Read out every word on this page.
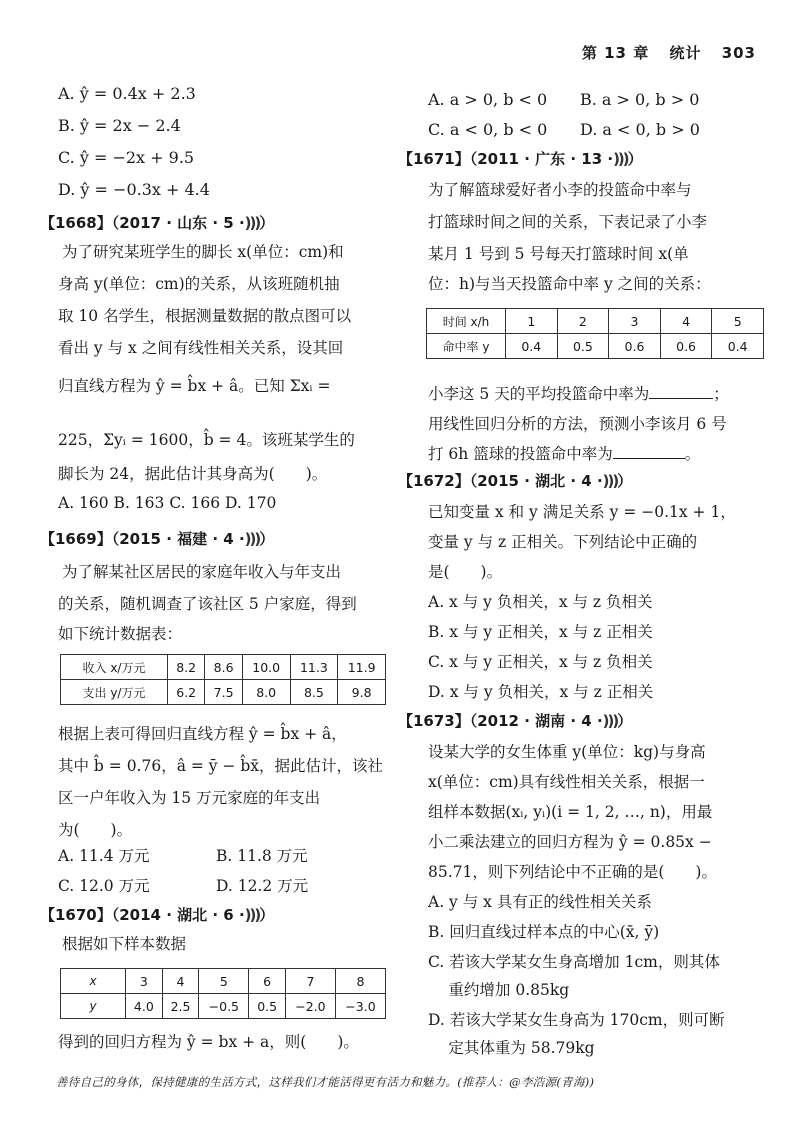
第 13 章 统计 303
A. ŷ = 0.4x + 2.3
B. ŷ = 2x − 2.4
C. ŷ = −2x + 9.5
D. ŷ = −0.3x + 4.4
【1668】（2017 · 山东 · 5 ·)))）
为了研究某班学生的脚长 x(单位：cm)和
身高 y(单位：cm)的关系，从该班随机抽
取 10 名学生，根据测量数据的散点图可以
看出 y 与 x 之间有线性相关关系，设其回
归直线方程为 ŷ = b̂x + â。已知 Σxᵢ =
225，Σyᵢ = 1600，b̂ = 4。该班某学生的
脚长为 24，据此估计其身高为(　　)。
A. 160 B. 163 C. 166 D. 170
【1669】（2015 · 福建 · 4 ·)))）
为了解某社区居民的家庭年收入与年支出
的关系，随机调查了该社区 5 户家庭，得到
如下统计数据表：
收入 x/万元	8.2	8.6	10.0	11.3	11.9
支出 y/万元	6.2	7.5	8.0	8.5	9.8
根据上表可得回归直线方程 ŷ = b̂x + â，
其中 b̂ = 0.76，â = ȳ − b̂x̄，据此估计，该社
区一户年收入为 15 万元家庭的年支出
为(　　)。
A. 11.4 万元	B. 11.8 万元
C. 12.0 万元	D. 12.2 万元
【1670】（2014 · 湖北 · 6 ·)))）
根据如下样本数据
x	3	4	5	6	7	8
y	4.0	2.5	−0.5	0.5	−2.0	−3.0
得到的回归方程为 ŷ = bx + a，则(　　)。
A. a > 0, b < 0 B. a > 0, b > 0
C. a < 0, b < 0 D. a < 0, b > 0
【1671】（2011 · 广东 · 13 ·)))）
为了解篮球爱好者小李的投篮命中率与
打篮球时间之间的关系，下表记录了小李
某月 1 号到 5 号每天打篮球时间 x(单
位：h)与当天投篮命中率 y 之间的关系：
时间 x/h	1	2	3	4	5
命中率 y	0.4	0.5	0.6	0.6	0.4
小李这 5 天的平均投篮命中率为	；
用线性回归分析的方法，预测小李该月 6 号
打 6h 篮球的投篮命中率为	。
【1672】（2015 · 湖北 · 4 ·)))）
已知变量 x 和 y 满足关系 y = −0.1x + 1，
变量 y 与 z 正相关。下列结论中正确的
是(　　)。
A. x 与 y 负相关，x 与 z 负相关
B. x 与 y 正相关，x 与 z 正相关
C. x 与 y 正相关，x 与 z 负相关
D. x 与 y 负相关，x 与 z 正相关
【1673】（2012 · 湖南 · 4 ·)))）
设某大学的女生体重 y(单位：kg)与身高
x(单位：cm)具有线性相关关系，根据一
组样本数据(xᵢ, yᵢ)(i = 1, 2, …, n)，用最
小二乘法建立的回归方程为 ŷ = 0.85x −
85.71，则下列结论中不正确的是(　　)。
A. y 与 x 具有正的线性相关关系
B. 回归直线过样本点的中心(x̄, ȳ)
C. 若该大学某女生身高增加 1cm，则其体
　 重约增加 0.85kg
D. 若该大学某女生身高为 170cm，则可断
　 定其体重为 58.79kg
善待自己的身体，保持健康的生活方式，这样我们才能活得更有活力和魅力。(推荐人：@李浩源(青海))
